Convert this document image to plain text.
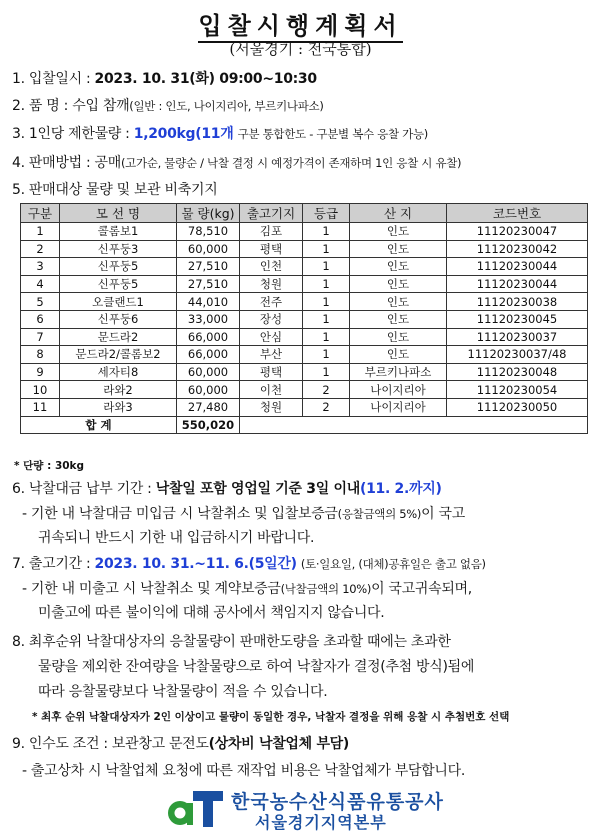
입찰시행계획서
(서울경기 : 전국통합)
1. 입찰일시 : 2023. 10. 31(화) 09:00~10:30
2. 품 명 : 수입 참깨(일반 : 인도, 나이지리아, 부르키나파소)
3. 1인당 제한물량 : 1,200kg(11개 구분 통합한도 - 구분별 복수 응찰 가능)
4. 판매방법 : 공매(고가순, 물량순 / 낙찰 결정 시 예정가격이 존재하며 1인 응찰 시 유찰)
5. 판매대상 물량 및 보관 비축기지
구분	모 선 명	물 량(kg)	출고기지	등급	산 지	코드번호
1	콜롬보1	78,510	김포	1	인도	11120230047
2	신푸둥3	60,000	평택	1	인도	11120230042
3	신푸둥5	27,510	인천	1	인도	11120230044
4	신푸둥5	27,510	청원	1	인도	11120230044
5	오클랜드1	44,010	전주	1	인도	11120230038
6	신푸둥6	33,000	장성	1	인도	11120230045
7	문드라2	66,000	안심	1	인도	11120230037
8	문드라2/콜롬보2	66,000	부산	1	인도	11120230037/48
9	세자티8	60,000	평택	1	부르키나파소	11120230048
10	라와2	60,000	이천	2	나이지리아	11120230054
11	라와3	27,480	청원	2	나이지리아	11120230050
합 계		550,020				
* 단량 : 30kg
6. 낙찰대금 납부 기간 : 낙찰일 포함 영업일 기준 3일 이내(11. 2.까지)
- 기한 내 낙찰대금 미입금 시 낙찰취소 및 입찰보증금(응찰금액의 5%)이 국고
귀속되니 반드시 기한 내 입금하시기 바랍니다.
7. 출고기간 : 2023. 10. 31.~11. 6.(5일간) (토·일요일, (대체)공휴일은 출고 없음)
- 기한 내 미출고 시 낙찰취소 및 계약보증금(낙찰금액의 10%)이 국고귀속되며,
미출고에 따른 불이익에 대해 공사에서 책임지지 않습니다.
8. 최후순위 낙찰대상자의 응찰물량이 판매한도량을 초과할 때에는 초과한
물량을 제외한 잔여량을 낙찰물량으로 하여 낙찰자가 결정(추첨 방식)됨에
따라 응찰물량보다 낙찰물량이 적을 수 있습니다.
* 최후 순위 낙찰대상자가 2인 이상이고 물량이 동일한 경우, 낙찰자 결정을 위해 응찰 시 추첨번호 선택
9. 인수도 조건 : 보관창고 문전도(상차비 낙찰업체 부담)
- 출고상차 시 낙찰업체 요청에 따른 재작업 비용은 낙찰업체가 부담합니다.
한국농수산식품유통공사
서울경기지역본부
